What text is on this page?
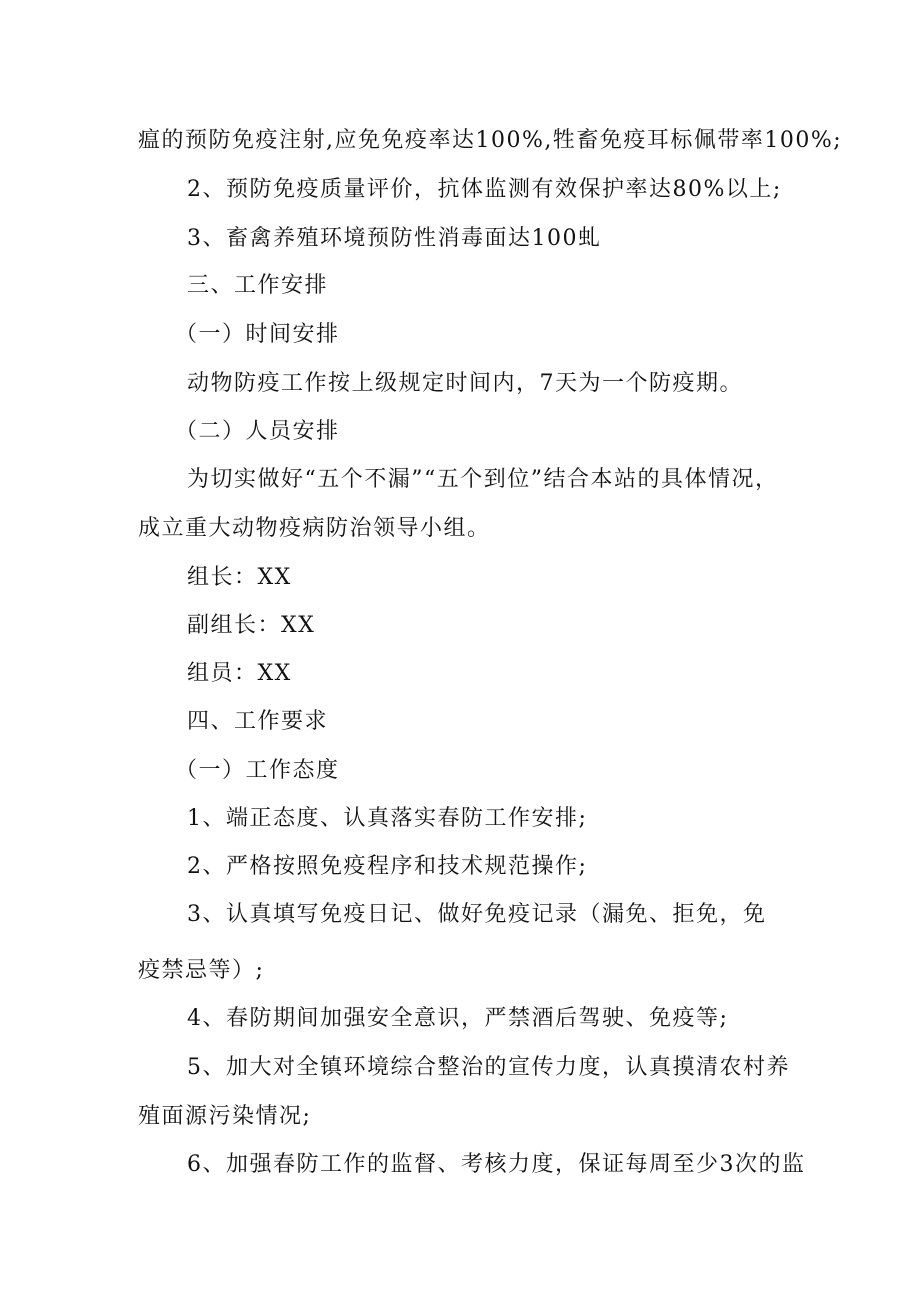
瘟的预防免疫注射,应免免疫率达100%,牲畜免疫耳标佩带率100%;
2、预防免疫质量评价，抗体监测有效保护率达80%以上;
3、畜禽养殖环境预防性消毒面达100虬
三、工作安排
（一）时间安排
动物防疫工作按上级规定时间内，7天为一个防疫期。
（二）人员安排
为切实做好“五个不漏”“五个到位”结合本站的具体情况，
成立重大动物疫病防治领导小组。
组长：XX
副组长：XX
组员：XX
四、工作要求
（一）工作态度
1、端正态度、认真落实春防工作安排;
2、严格按照免疫程序和技术规范操作;
3、认真填写免疫日记、做好免疫记录（漏免、拒免，免
疫禁忌等）;
4、春防期间加强安全意识，严禁酒后驾驶、免疫等;
5、加大对全镇环境综合整治的宣传力度，认真摸清农村养
殖面源污染情况;
6、加强春防工作的监督、考核力度，保证每周至少3次的监
